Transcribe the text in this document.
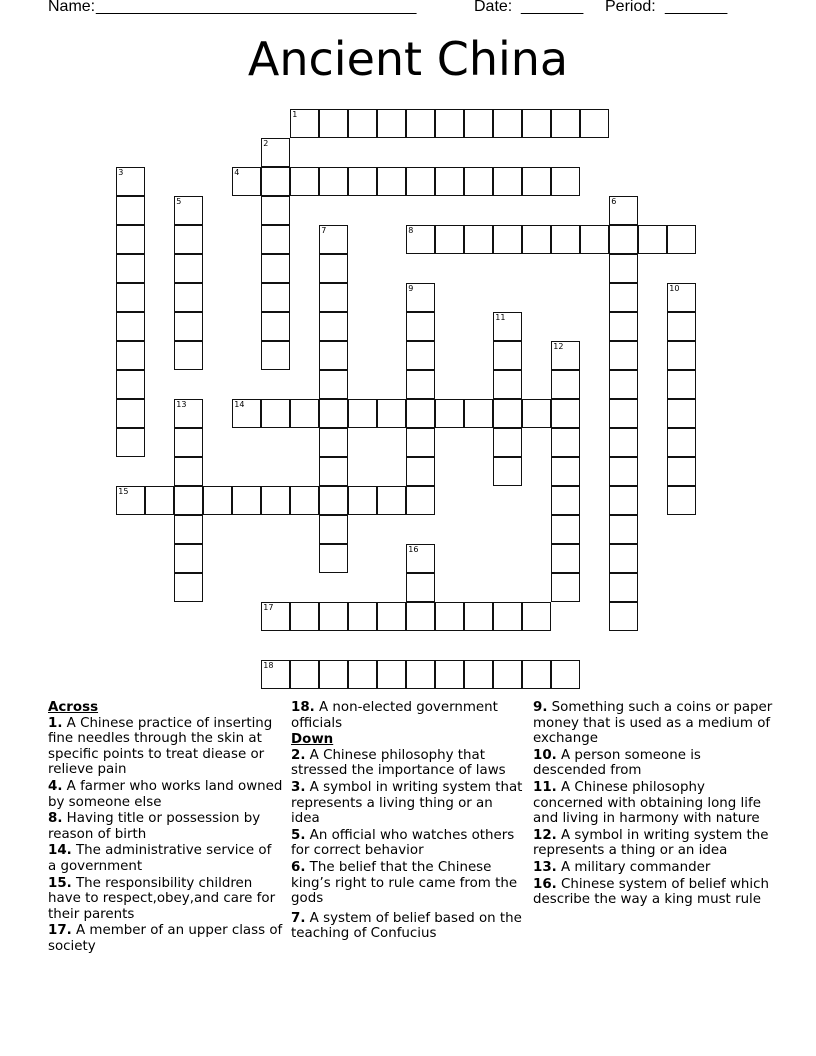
Name:
____________________________________	Date: _______ Period: _______
Ancient China
1
2
3	4
5	6
7	8
9	10
11
12
13	14
15
16
17
18
Across
1. A Chinese practice of inserting fine needles through the skin at specific points to treat diease or relieve pain
4. A farmer who works land owned by someone else
8. Having title or possession by reason of birth
14. The administrative service of a government
15. The responsibility children have to respect,obey,and care for their parents
17. A member of an upper class of society
18. A non-elected government officials
Down
2. A Chinese philosophy that stressed the importance of laws
3. A symbol in writing system that represents a living thing or an idea
5. An official who watches others for correct behavior
6. The belief that the Chinese king’s right to rule came from the gods
7. A system of belief based on the teaching of Confucius
9. Something such a coins or paper money that is used as a medium of exchange
10. A person someone is descended from
11. A Chinese philosophy concerned with obtaining long life and living in harmony with nature
12. A symbol in writing system the represents a thing or an idea
13. A military commander
16. Chinese system of belief which describe the way a king must rule
